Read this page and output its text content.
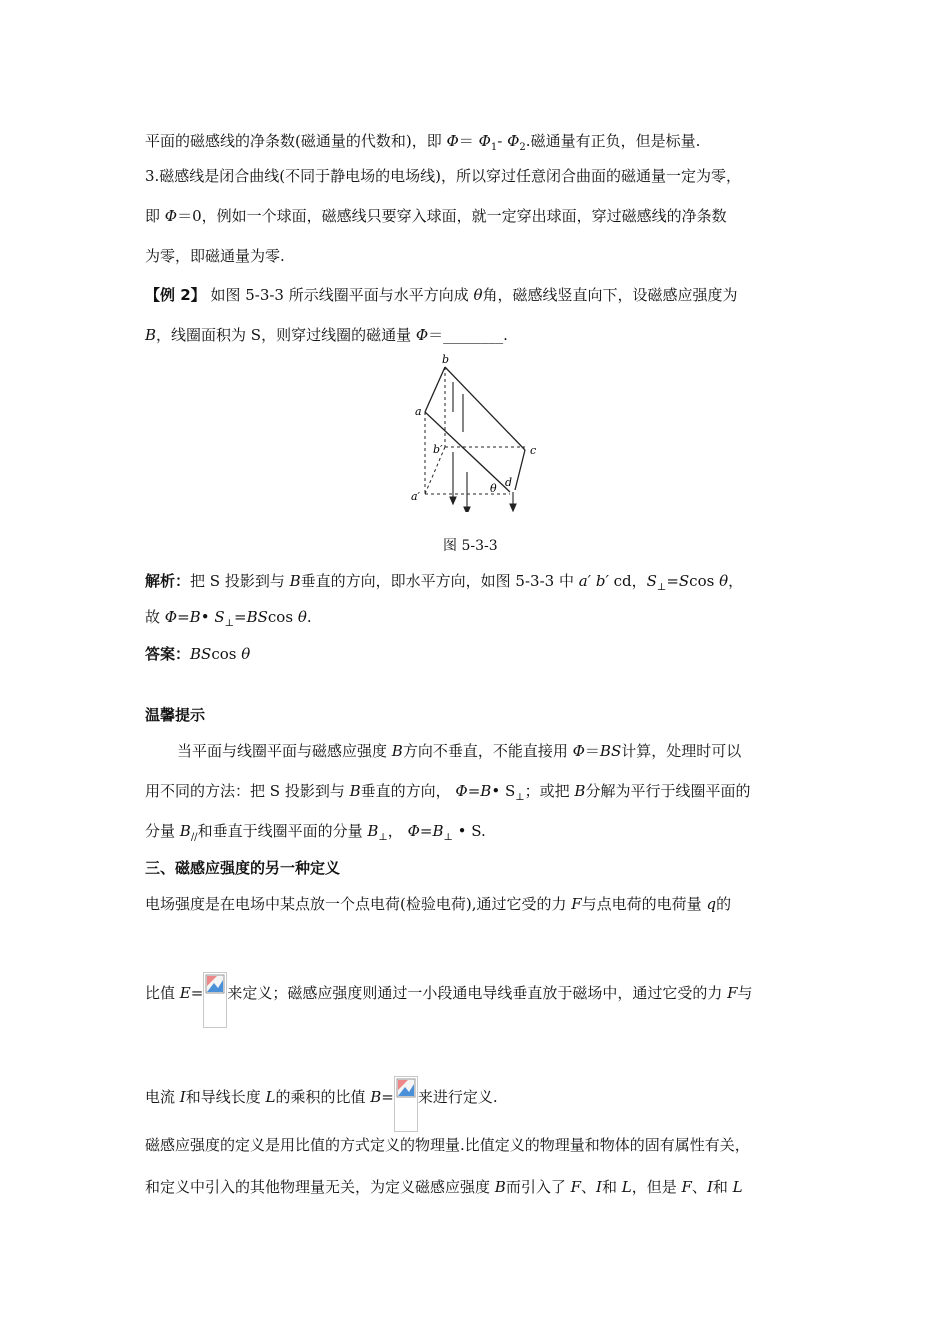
平面的磁感线的净条数(磁通量的代数和)，即 $\Phi= \Phi_1-$ $\Phi_2$.磁通量有正负，但是标量.
3.磁感线是闭合曲线(不同于静电场的电场线)，所以穿过任意闭合曲面的磁通量一定为零，
即 Φ＝0，例如一个球面，磁感线只要穿入球面，就一定穿出球面，穿过磁感线的净条数
为零，即磁通量为零.
【例 2】 如图 5-3-3 所示线圈平面与水平方向成 θ角，磁感线竖直向下，设磁感应强度为
B，线圈面积为 S，则穿过线圈的磁通量 Φ＝________.
b
a
b′	c
a′
d
θ
图 5-3-3
解析：把 S 投影到与 B垂直的方向，即水平方向，如图 5-3-3 中 a′ b′ cd，$S_\perp=Scos$ θ，
故 Φ=B• $S_\perp=BScos$ θ.
答案：BScos θ
温馨提示
当平面与线圈平面与磁感应强度 B方向不垂直，不能直接用 Φ＝BS计算，处理时可以
用不同的方法：把 S 投影到与 B垂直的方向， Φ=B• $S_\perp$；或把 B分解为平行于线圈平面的
分量 $B_{//}$和垂直于线圈平面的分量 $B_\perp$， $\Phi=B_\perp$ • S.
三、磁感应强度的另一种定义
电场强度是在电场中某点放一个点电荷(检验电荷),通过它受的力 F与点电荷的电荷量 q的
比值 E= 来定义；磁感应强度则通过一小段通电导线垂直放于磁场中，通过它受的力 F与
电流 I和导线长度 L的乘积的比值 B= 来进行定义.
磁感应强度的定义是用比值的方式定义的物理量.比值定义的物理量和物体的固有属性有关，
和定义中引入的其他物理量无关，为定义磁感应强度 B而引入了 F、I和 L，但是 F、I和 L
